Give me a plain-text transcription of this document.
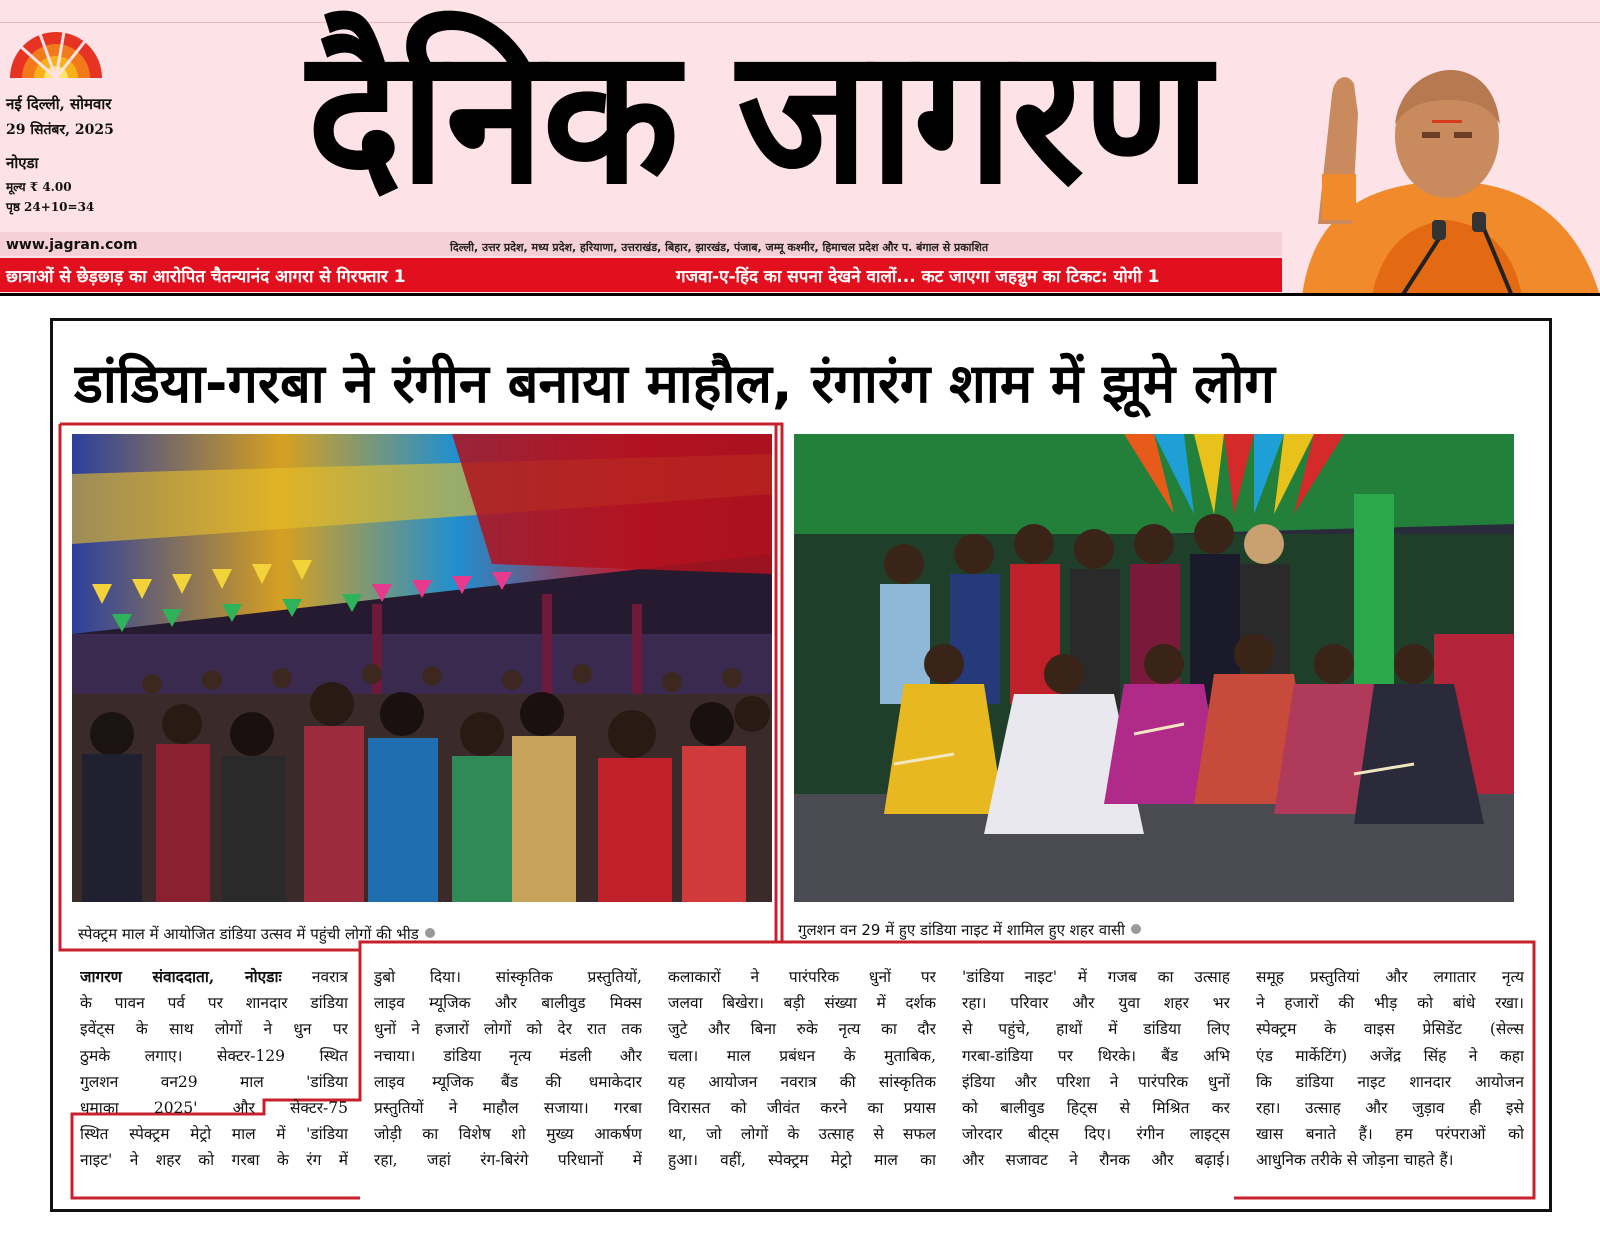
नई दिल्ली, सोमवार
29 सितंबर, 2025
नोएडा
मूल्य ₹ 4.00
पृष्ठ 24+10=34	दैनिक जागरण
www.jagran.com	दिल्ली, उत्तर प्रदेश, मध्य प्रदेश, हरियाणा, उत्तराखंड, बिहार, झारखंड, पंजाब, जम्मू कश्मीर, हिमाचल प्रदेश और प. बंगाल से प्रकाशित
छात्राओं से छेड़छाड़ का आरोपित चैतन्यानंद आगरा से गिरफ्तार 1	गजवा-ए-हिंद का सपना देखने वालों... कट जाएगा जहन्नुम का टिकट: योगी 1
डांडिया-गरबा ने रंगीन बनाया माहौल, रंगारंग शाम में झूमे लोग
स्पेक्ट्रम माल में आयोजित डांडिया उत्सव में पहुंची लोगों की भीड़	गुलशन वन 29 में हुए डांडिया नाइट में शामिल हुए शहर वासी
जागरण संवाददाता, नोएडाः नवरात्र
के पावन पर्व पर शानदार डांडिया
इवेंट्स के साथ लोगों ने धुन पर
ठुमके लगाए। सेक्टर-129 स्थित
गुलशन वन29 माल 'डांडिया
धमाका 2025' और सेक्टर-75
स्थित स्पेक्ट्रम मेट्रो माल में 'डांडिया
नाइट' ने शहर को गरबा के रंग में
डुबो दिया। सांस्कृतिक प्रस्तुतियों,
लाइव म्यूजिक और बालीवुड मिक्स
धुनों ने हजारों लोगों को देर रात तक
नचाया। डांडिया नृत्य मंडली और
लाइव म्यूजिक बैंड की धमाकेदार
प्रस्तुतियों ने माहौल सजाया। गरबा
जोड़ी का विशेष शो मुख्य आकर्षण
रहा, जहां रंग-बिरंगे परिधानों में
कलाकारों ने पारंपरिक धुनों पर
जलवा बिखेरा। बड़ी संख्या में दर्शक
जुटे और बिना रुके नृत्य का दौर
चला। माल प्रबंधन के मुताबिक,
यह आयोजन नवरात्र की सांस्कृतिक
विरासत को जीवंत करने का प्रयास
था, जो लोगों के उत्साह से सफल
हुआ। वहीं, स्पेक्ट्रम मेट्रो माल का
'डांडिया नाइट' में गजब का उत्साह
रहा। परिवार और युवा शहर भर
से पहुंचे, हाथों में डांडिया लिए
गरबा-डांडिया पर थिरके। बैंड अभि
इंडिया और परिशा ने पारंपरिक धुनों
को बालीवुड हिट्स से मिश्रित कर
जोरदार बीट्स दिए। रंगीन लाइट्स
और सजावट ने रौनक और बढ़ाई।
समूह प्रस्तुतियां और लगातार नृत्य
ने हजारों की भीड़ को बांधे रखा।
स्पेक्ट्रम के वाइस प्रेसिडेंट (सेल्स
एंड मार्केटिंग) अजेंद्र सिंह ने कहा
कि डांडिया नाइट शानदार आयोजन
रहा। उत्साह और जुड़ाव ही इसे
खास बनाते हैं। हम परंपराओं को
आधुनिक तरीके से जोड़ना चाहते हैं।
